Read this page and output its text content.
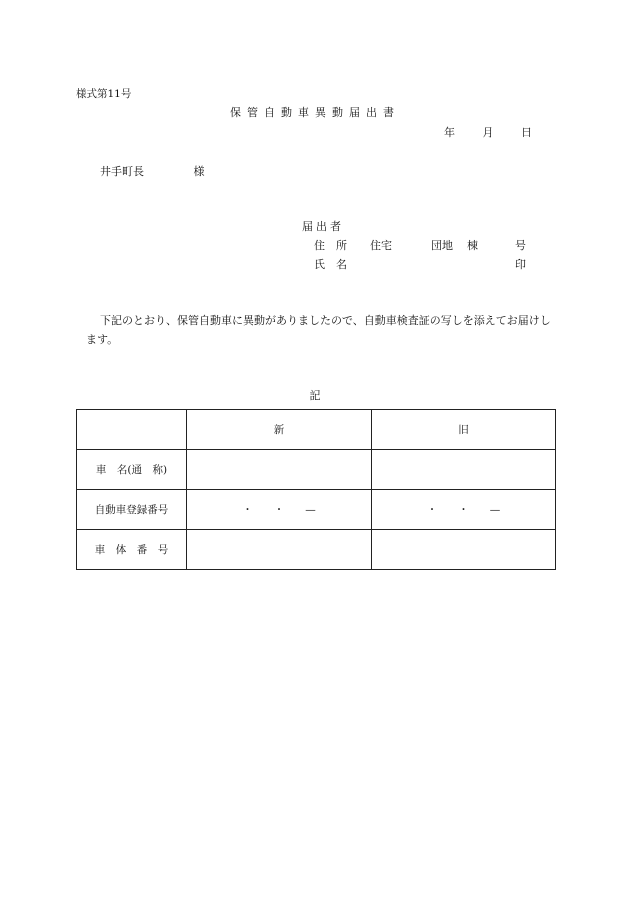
様式第11号
保管自動車異動届出書
年	月	日
井手町長	様
届出者
住　所 住宅	団地 棟	号
氏　名	印
下記のとおり、保管自動車に異動がありましたので、自動車検査証の写しを添えてお届けします。
記
	新	旧
車　名(通　称)		
自動車登録番号	・　　・　　—	・　　・　　—
車　体　番　号		
